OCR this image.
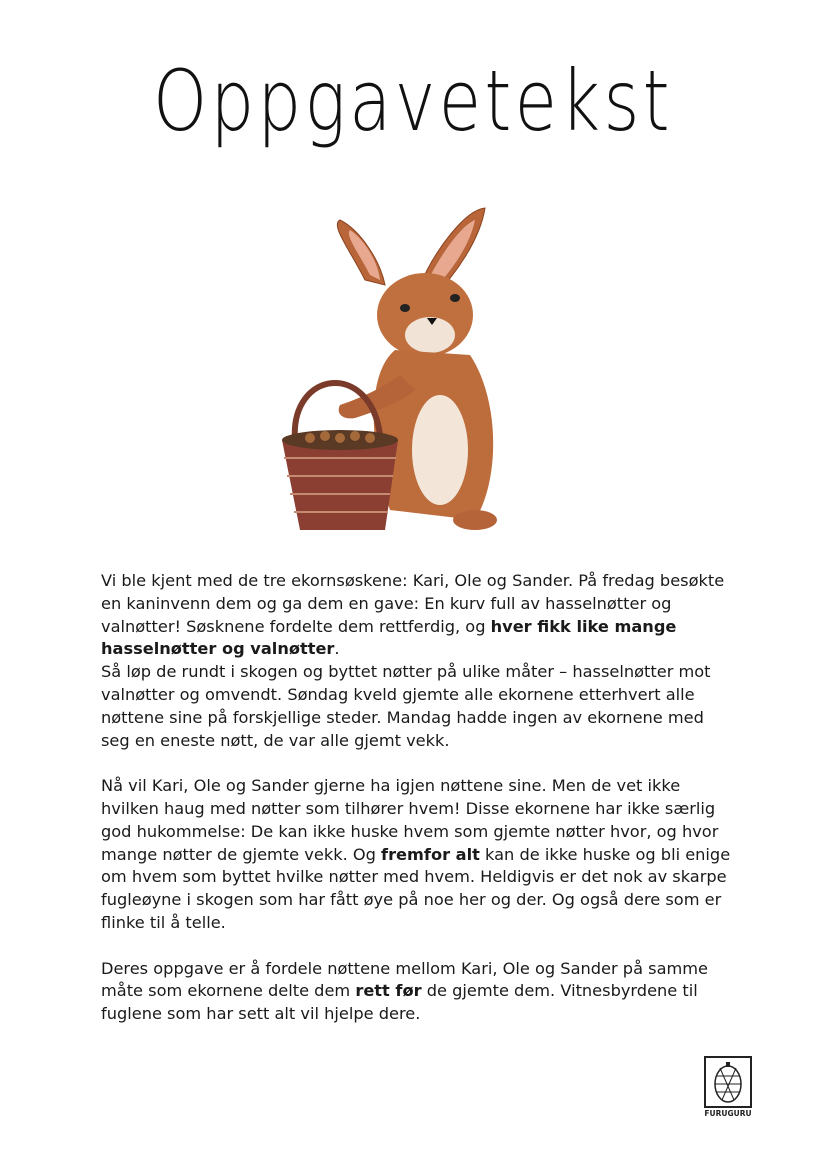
Oppgavetekst

Vi ble kjent med de tre ekornsøskene: Kari, Ole og Sander. På fredag besøkte en kaninvenn dem og ga dem en gave: En kurv full av hasselnøtter og valnøtter! Søsknene fordelte dem rettferdig, og hver fikk like mange hasselnøtter og valnøtter.
Så løp de rundt i skogen og byttet nøtter på ulike måter – hasselnøtter mot valnøtter og omvendt. Søndag kveld gjemte alle ekornene etterhvert alle nøttene sine på forskjellige steder. Mandag hadde ingen av ekornene med seg en eneste nøtt, de var alle gjemt vekk.

Nå vil Kari, Ole og Sander gjerne ha igjen nøttene sine. Men de vet ikke hvilken haug med nøtter som tilhører hvem! Disse ekornene har ikke særlig god hukommelse: De kan ikke huske hvem som gjemte nøtter hvor, og hvor mange nøtter de gjemte vekk. Og fremfor alt kan de ikke huske og bli enige om hvem som byttet hvilke nøtter med hvem. Heldigvis er det nok av skarpe fugleøyne i skogen som har fått øye på noe her og der. Og også dere som er flinke til å telle.

Deres oppgave er å fordele nøttene mellom Kari, Ole og Sander på samme måte som ekornene delte dem rett før de gjemte dem. Vitnesbyrdene til fuglene som har sett alt vil hjelpe dere.

FURUGURU
